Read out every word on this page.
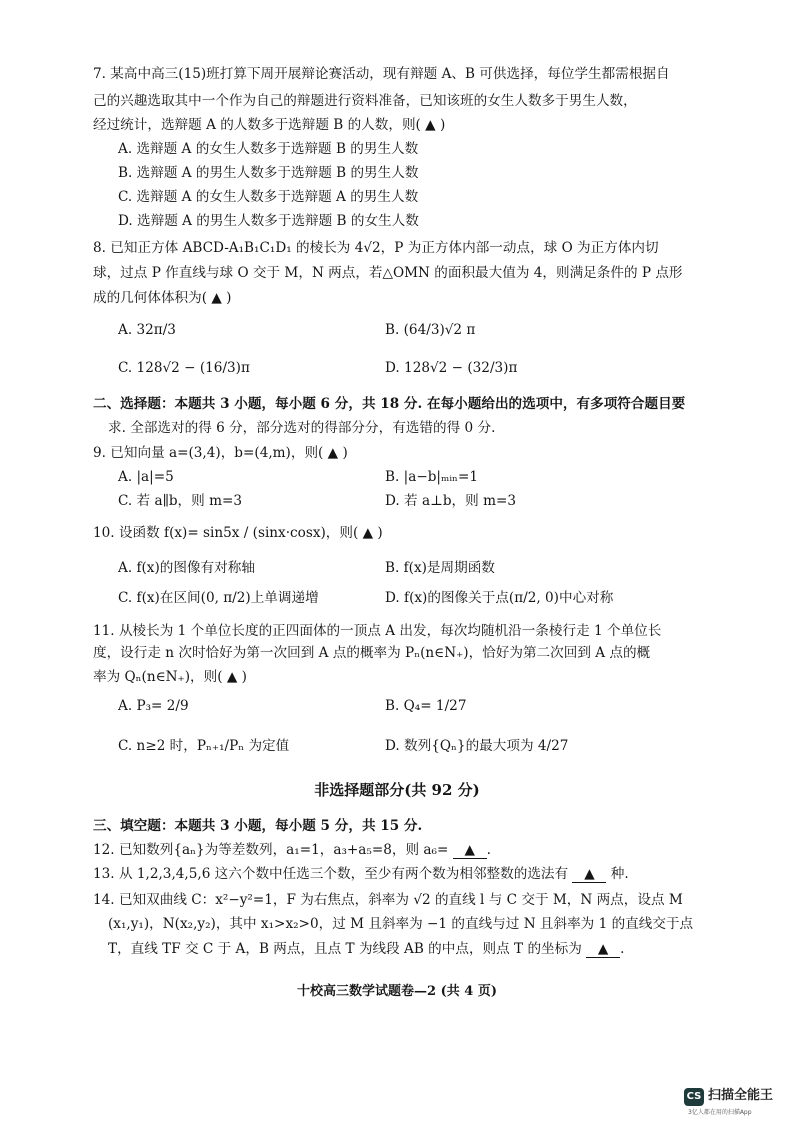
7. 某高中高三(15)班打算下周开展辩论赛活动，现有辩题 A、B 可供选择，每位学生都需根据自
己的兴趣选取其中一个作为自己的辩题进行资料准备，已知该班的女生人数多于男生人数，
经过统计，选辩题 A 的人数多于选辩题 B 的人数，则( ▲ )
A. 选辩题 A 的女生人数多于选辩题 B 的男生人数
B. 选辩题 A 的男生人数多于选辩题 B 的男生人数
C. 选辩题 A 的女生人数多于选辩题 A 的男生人数
D. 选辩题 A 的男生人数多于选辩题 B 的女生人数
8. 已知正方体 ABCD-A₁B₁C₁D₁ 的棱长为 4√2，P 为正方体内部一动点，球 O 为正方体内切
球，过点 P 作直线与球 O 交于 M，N 两点，若△OMN 的面积最大值为 4，则满足条件的 P 点形
成的几何体体积为( ▲ )
A. 32π/3	B. (64/3)√2 π
C. 128√2 − (16/3)π	D. 128√2 − (32/3)π
二、选择题：本题共 3 小题，每小题 6 分，共 18 分. 在每小题给出的选项中，有多项符合题目要
求. 全部选对的得 6 分，部分选对的得部分分，有选错的得 0 分.
9. 已知向量 a=(3,4)，b=(4,m)，则( ▲ )
A. |a|=5	B. |a−b|ₘᵢₙ=1
C. 若 a∥b，则 m=3	D. 若 a⊥b，则 m=3
10. 设函数 f(x)= sin5x / (sinx·cosx)，则( ▲ )
A. f(x)的图像有对称轴	B. f(x)是周期函数
C. f(x)在区间(0, π/2)上单调递增	D. f(x)的图像关于点(π/2, 0)中心对称
11. 从棱长为 1 个单位长度的正四面体的一顶点 A 出发，每次均随机沿一条棱行走 1 个单位长
度，设行走 n 次时恰好为第一次回到 A 点的概率为 Pₙ(n∈N₊)，恰好为第二次回到 A 点的概
率为 Qₙ(n∈N₊)，则( ▲ )
A. P₃= 2/9	B. Q₄= 1/27
C. n≥2 时，Pₙ₊₁/Pₙ 为定值	D. 数列{Qₙ}的最大项为 4/27
非选择题部分(共 92 分)
三、填空题：本题共 3 小题，每小题 5 分，共 15 分.
12. 已知数列{aₙ}为等差数列，a₁=1，a₃+a₅=8，则 a₆= ▲ .
13. 从 1,2,3,4,5,6 这六个数中任选三个数，至少有两个数为相邻整数的选法有 ▲ 种.
14. 已知双曲线 C：x²−y²=1，F 为右焦点，斜率为 √2 的直线 l 与 C 交于 M，N 两点，设点 M
(x₁,y₁)，N(x₂,y₂)，其中 x₁>x₂>0，过 M 且斜率为 −1 的直线与过 N 且斜率为 1 的直线交于点
T，直线 TF 交 C 于 A，B 两点，且点 T 为线段 AB 的中点，则点 T 的坐标为 ▲ .
十校高三数学试题卷—2 (共 4 页)
CS 扫描全能王
3亿人都在用的扫描App
